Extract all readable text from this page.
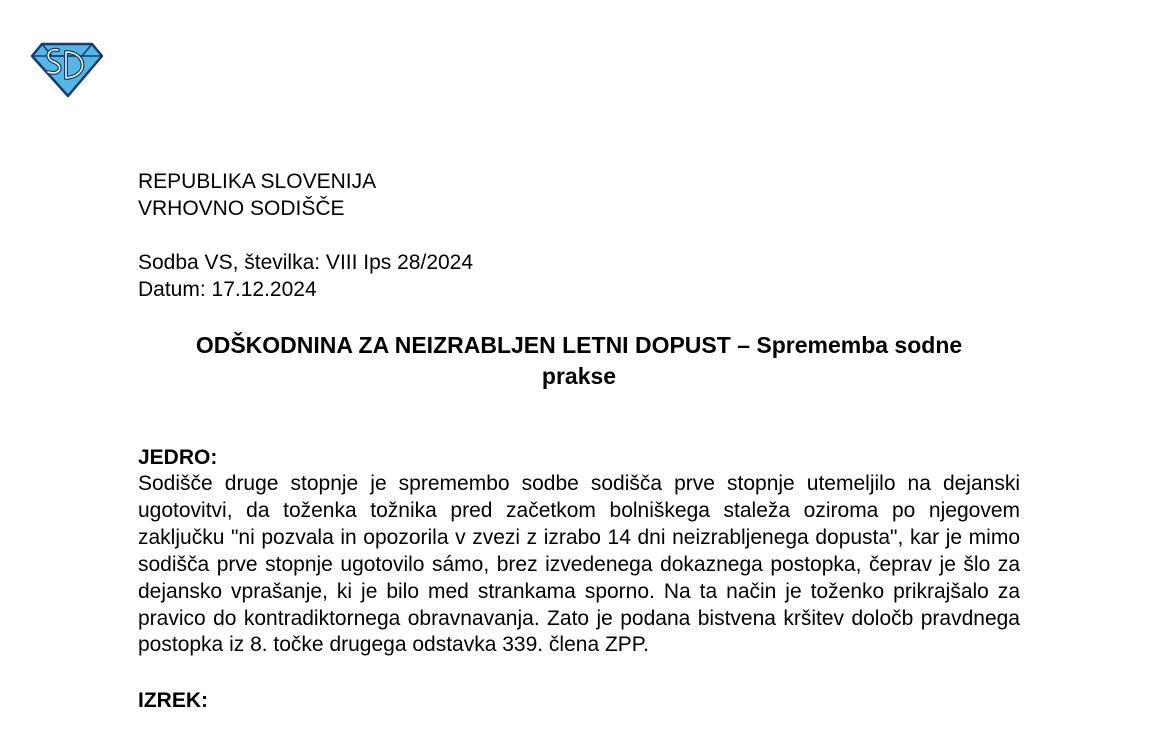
REPUBLIKA SLOVENIJA
VRHOVNO SODIŠČE
Sodba VS, številka: VIII Ips 28/2024
Datum: 17.12.2024
ODŠKODNINA ZA NEIZRABLJEN LETNI DOPUST – Sprememba sodne prakse
JEDRO:
Sodišče druge stopnje je spremembo sodbe sodišča prve stopnje utemeljilo na dejanski ugotovitvi, da toženka tožnika pred začetkom bolniškega staleža oziroma po njegovem zaključku "ni pozvala in opozorila v zvezi z izrabo 14 dni neizrabljenega dopusta", kar je mimo sodišča prve stopnje ugotovilo sámo, brez izvedenega dokaznega postopka, čeprav je šlo za dejansko vprašanje, ki je bilo med strankama sporno. Na ta način je toženko prikrajšalo za pravico do kontradiktornega obravnavanja. Zato je podana bistvena kršitev določb pravdnega postopka iz 8. točke drugega odstavka 339. člena ZPP.
IZREK:
